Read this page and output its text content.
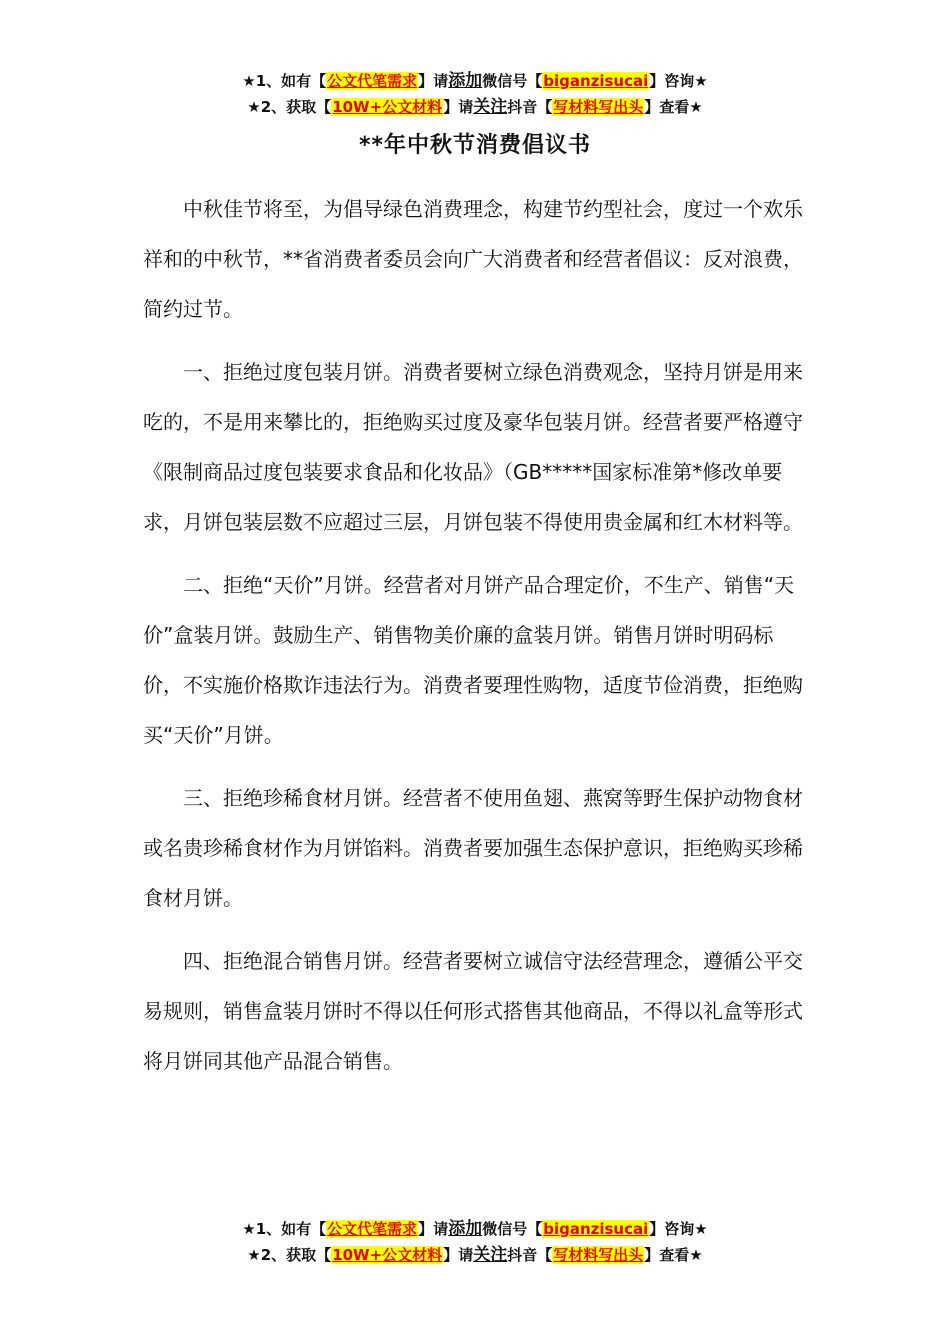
★1、如有【公文代笔需求】请添加微信号【biganzisucai】咨询★
★2、获取【10W+公文材料】请关注抖音【写材料写出头】查看★
**年中秋节消费倡议书

中秋佳节将至，为倡导绿色消费理念，构建节约型社会，度过一个欢乐祥和的中秋节，**省消费者委员会向广大消费者和经营者倡议：反对浪费，简约过节。

一、拒绝过度包装月饼。消费者要树立绿色消费观念，坚持月饼是用来吃的，不是用来攀比的，拒绝购买过度及豪华包装月饼。经营者要严格遵守《限制商品过度包装要求食品和化妆品》（GB*****国家标准第*修改单要求，月饼包装层数不应超过三层，月饼包装不得使用贵金属和红木材料等。

二、拒绝“天价”月饼。经营者对月饼产品合理定价，不生产、销售“天价”盒装月饼。鼓励生产、销售物美价廉的盒装月饼。销售月饼时明码标价，不实施价格欺诈违法行为。消费者要理性购物，适度节俭消费，拒绝购买“天价”月饼。

三、拒绝珍稀食材月饼。经营者不使用鱼翅、燕窝等野生保护动物食材或名贵珍稀食材作为月饼馅料。消费者要加强生态保护意识，拒绝购买珍稀食材月饼。

四、拒绝混合销售月饼。经营者要树立诚信守法经营理念，遵循公平交易规则，销售盒装月饼时不得以任何形式搭售其他商品，不得以礼盒等形式将月饼同其他产品混合销售。

★1、如有【公文代笔需求】请添加微信号【biganzisucai】咨询★
★2、获取【10W+公文材料】请关注抖音【写材料写出头】查看★
